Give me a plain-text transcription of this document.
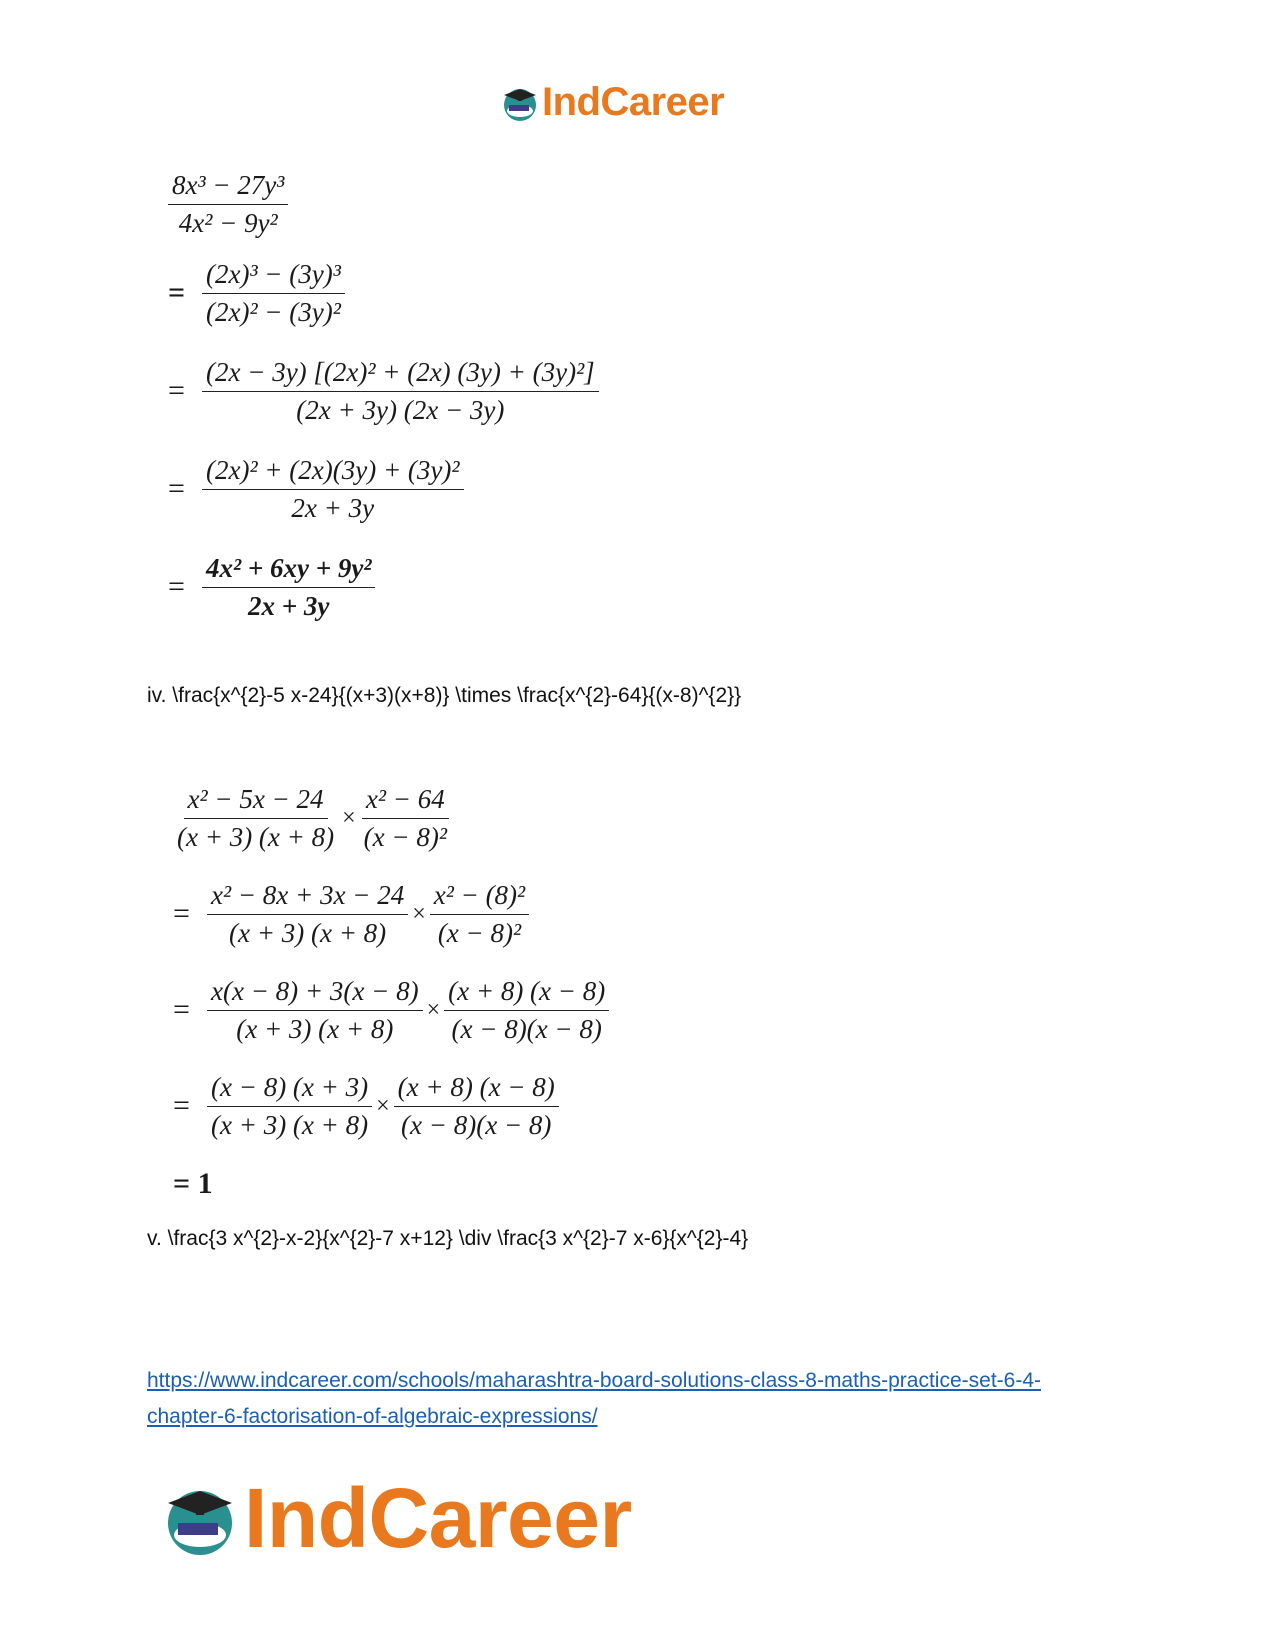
IndCareer
$\frac{\text{8x³ − 27y³}}{\text{4x² − 9y²}}$
= $\frac{\text{(2x)³ − (3y)³}}{\text{(2x)² − (3y)²}}$
= $\frac{\text{(2x − 3y) [(2x)² + (2x) (3y) + (3y)²]}}{(2x + 3y) (2x - 3y)}$
= $\frac{\text{(2x)² + (2x)(3y) + (3y)²}}{2x + 3y}$
= $\frac{\text{4x² + 6xy + 9y²}}{2x + 3y}$
iv. \frac{x^{2}-5 x-24}{(x+3)(x+8)} \times \frac{x^{2}-64}{(x-8)^{2}}
$\frac{\text{x² − 5x − 24}}{(x + 3) (x + 8)} \times \frac{\text{x² − 64}}{\text{(x − 8)²}}$
= $\frac{\text{x² − 8x + 3x − 24}}{(x + 3) (x + 8)} \times \frac{\text{x² − (8)²}}{\text{(x − 8)²}}$
= $\frac{x(x - 8) + 3(x - 8)}{(x + 3) (x + 8)} \times \frac{(x + 8) (x - 8)}{(x - 8)(x - 8)}$
= $\frac{(x - 8) (x + 3)}{(x + 3) (x + 8)} \times \frac{(x + 8) (x - 8)}{(x - 8)(x - 8)}$
= 1
v. \frac{3 x^{2}-x-2}{x^{2}-7 x+12} \div \frac{3 x^{2}-7 x-6}{x^{2}-4}
https://www.indcareer.com/schools/maharashtra-board-solutions-class-8-maths-practice-set-6-4-
chapter-6-factorisation-of-algebraic-expressions/
IndCareer
